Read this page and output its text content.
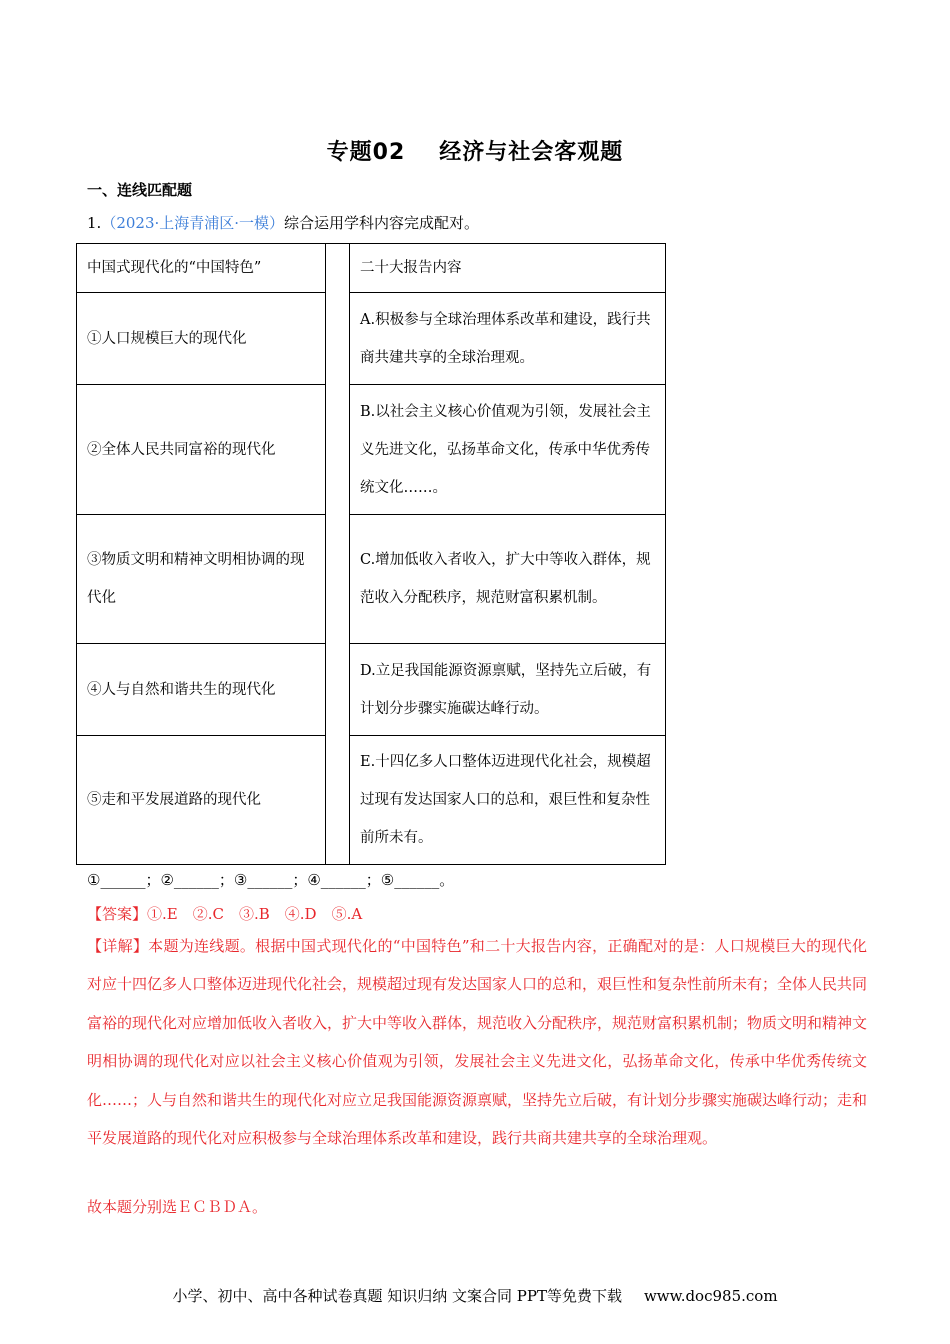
专题02 经济与社会客观题
一、连线匹配题
1.（2023·上海青浦区·一模）综合运用学科内容完成配对。
中国式现代化的“中国特色”		二十大报告内容
①人口规模巨大的现代化		A.积极参与全球治理体系改革和建设，践行共商共建共享的全球治理观。
②全体人民共同富裕的现代化		B.以社会主义核心价值观为引领，发展社会主义先进文化，弘扬革命文化，传承中华优秀传统文化……。
③物质文明和精神文明相协调的现代化		C.增加低收入者收入，扩大中等收入群体，规范收入分配秩序，规范财富积累机制。
④人与自然和谐共生的现代化		D.立足我国能源资源禀赋，坚持先立后破，有计划分步骤实施碳达峰行动。
⑤走和平发展道路的现代化		E.十四亿多人口整体迈进现代化社会，规模超过现有发达国家人口的总和，艰巨性和复杂性前所未有。
①______；②______；③______；④______；⑤______。
【答案】①.E　②.C　③.B　④.D　⑤.A
【详解】本题为连线题。根据中国式现代化的“中国特色”和二十大报告内容，正确配对的是：人口规模巨大的现代化对应十四亿多人口整体迈进现代化社会，规模超过现有发达国家人口的总和，艰巨性和复杂性前所未有；全体人民共同富裕的现代化对应增加低收入者收入，扩大中等收入群体，规范收入分配秩序，规范财富积累机制；物质文明和精神文明相协调的现代化对应以社会主义核心价值观为引领，发展社会主义先进文化，弘扬革命文化，传承中华优秀传统文化……；人与自然和谐共生的现代化对应立足我国能源资源禀赋，坚持先立后破，有计划分步骤实施碳达峰行动；走和平发展道路的现代化对应积极参与全球治理体系改革和建设，践行共商共建共享的全球治理观。
故本题分别选ＥＣＢＤＡ。
小学、初中、高中各种试卷真题 知识归纳 文案合同 PPT等免费下载 www.doc985.com
